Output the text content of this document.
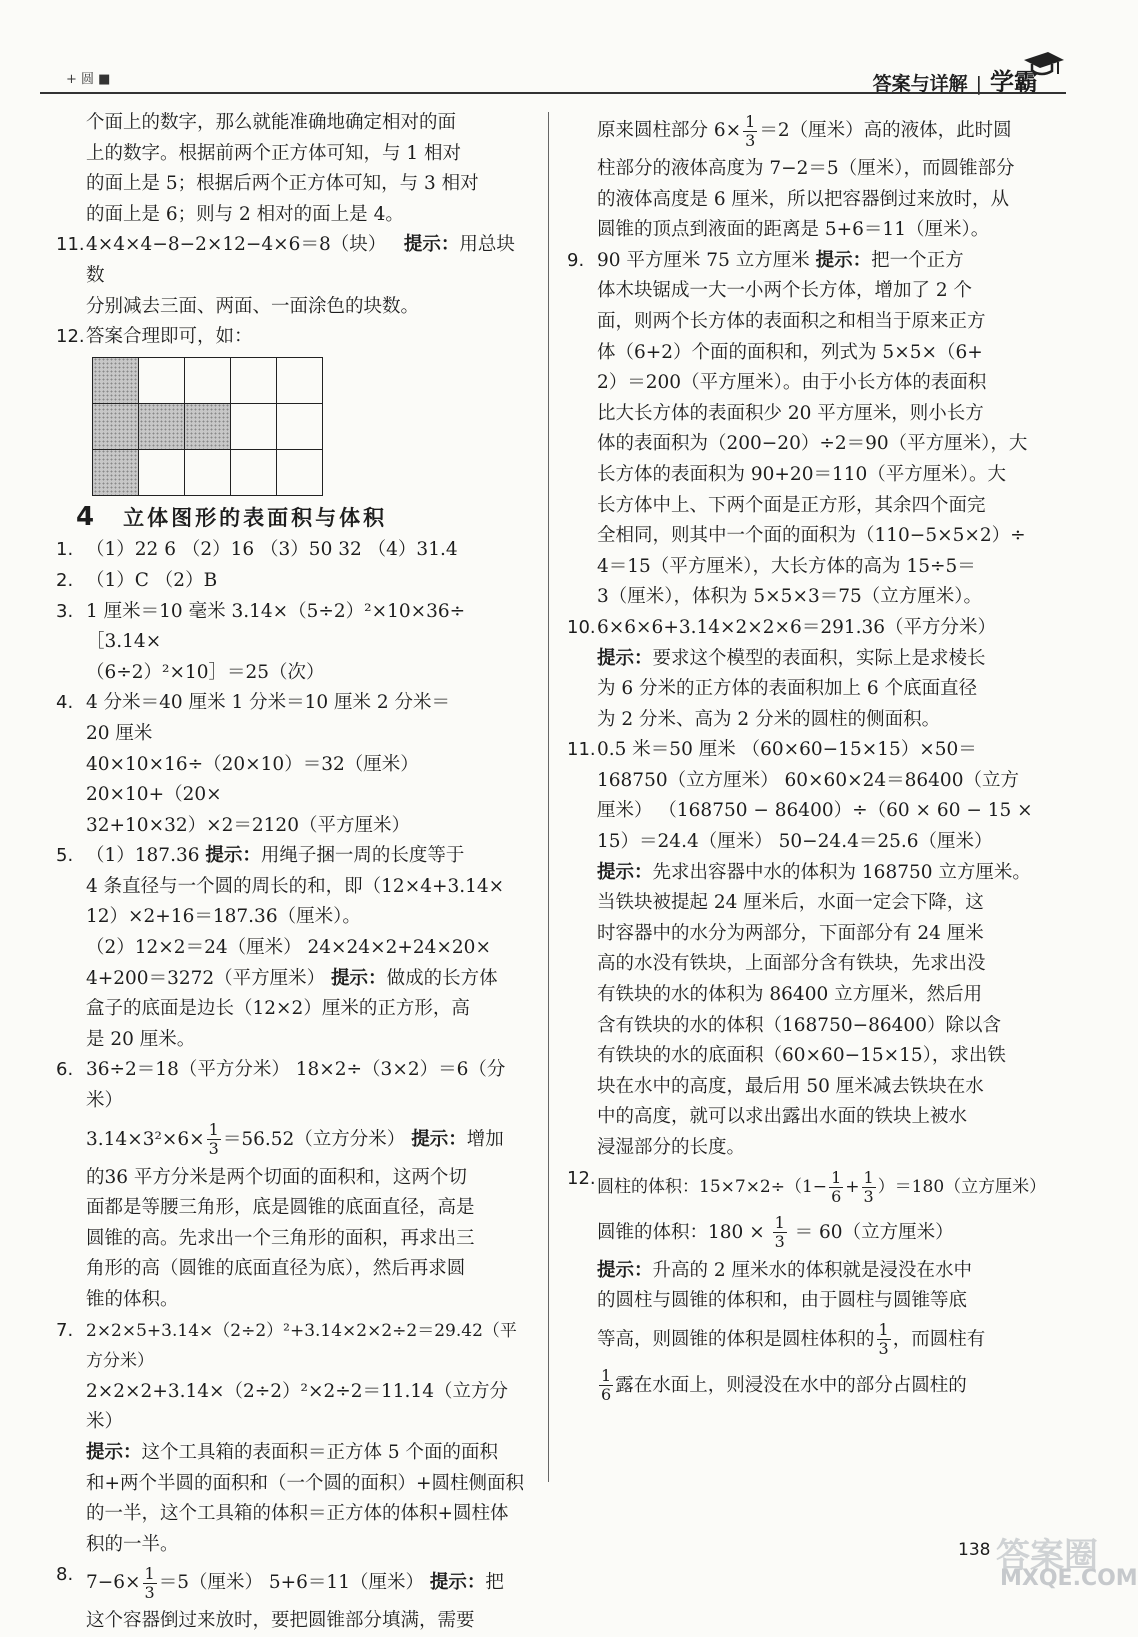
+ 圆 ■	答案与详解 | 学霸
个面上的数字，那么就能准确地确定相对的面
上的数字。根据前两个正方体可知，与 1 相对
的面上是 5；根据后两个正方体可知，与 3 相对
的面上是 6；则与 2 相对的面上是 4。
11. 4×4×4−8−2×12−4×6＝8（块） 提示：用总块数
分别减去三面、两面、一面涂色的块数。
12. 答案合理即可，如：

4 立体图形的表面积与体积
1. （1）22 6 （2）16 （3）50 32 （4）31.4
2. （1）C （2）B
3. 1 厘米＝10 毫米 3.14×（5÷2）²×10×36÷［3.14×
（6÷2）²×10］＝25（次）
4. 4 分米＝40 厘米 1 分米＝10 厘米 2 分米＝
20 厘米
40×10×16÷（20×10）＝32（厘米） 20×10+（20×
32+10×32）×2＝2120（平方厘米）
5. （1）187.36 提示：用绳子捆一周的长度等于
4 条直径与一个圆的周长的和，即（12×4+3.14×
12）×2+16＝187.36（厘米）。
（2）12×2＝24（厘米） 24×24×2+24×20×
4+200＝3272（平方厘米） 提示：做成的长方体
盒子的底面是边长（12×2）厘米的正方形，高
是 20 厘米。
6. 36÷2＝18（平方分米） 18×2÷（3×2）＝6（分米）
$3.14\times 3^2\times 6\times \frac{1}{3} =56.52$（立方分米） 提示：增加
的36 平方分米是两个切面的面积和，这两个切
面都是等腰三角形，底是圆锥的底面直径，高是
圆锥的高。先求出一个三角形的面积，再求出三
角形的高（圆锥的底面直径为底），然后再求圆
锥的体积。
7. 2×2×5+3.14×（2÷2）²+3.14×2×2÷2＝29.42（平方分米）
2×2×2+3.14×（2÷2）²×2÷2＝11.14（立方分米）
提示：这个工具箱的表面积＝正方体 5 个面的面积
和+两个半圆的面积和（一个圆的面积）+圆柱侧面积
的一半，这个工具箱的体积＝正方体的体积+圆柱体
积的一半。
8. $7-6\times \frac{1}{3} =5$（厘米） 5+6＝11（厘米） 提示：把
这个容器倒过来放时，要把圆锥部分填满，需要
原来圆柱部分 $6\times \frac{1}{3} =2$（厘米）高的液体，此时圆
柱部分的液体高度为 7−2＝5（厘米），而圆锥部分
的液体高度是 6 厘米，所以把容器倒过来放时，从
圆锥的顶点到液面的距离是 5+6＝11（厘米）。
9. 90 平方厘米 75 立方厘米 提示：把一个正方
体木块锯成一大一小两个长方体，增加了 2 个
面，则两个长方体的表面积之和相当于原来正方
体（6+2）个面的面积和，列式为 5×5×（6+
2）＝200（平方厘米）。由于小长方体的表面积
比大长方体的表面积少 20 平方厘米，则小长方
体的表面积为（200−20）÷2＝90（平方厘米），大
长方体的表面积为 90+20＝110（平方厘米）。大
长方体中上、下两个面是正方形，其余四个面完
全相同，则其中一个面的面积为（110−5×5×2）÷
4＝15（平方厘米），大长方体的高为 15÷5＝
3（厘米），体积为 5×5×3＝75（立方厘米）。
10. 6×6×6+3.14×2×2×6＝291.36（平方分米）
提示：要求这个模型的表面积，实际上是求棱长
为 6 分米的正方体的表面积加上 6 个底面直径
为 2 分米、高为 2 分米的圆柱的侧面积。
11. 0.5 米＝50 厘米 （60×60−15×15）×50＝
168750（立方厘米） 60×60×24＝86400（立方
厘米） （168750 − 86400）÷（60 × 60 − 15 ×
15）＝24.4（厘米） 50−24.4＝25.6（厘米）
提示：先求出容器中水的体积为 168750 立方厘米。
当铁块被提起 24 厘米后，水面一定会下降，这
时容器中的水分为两部分，下面部分有 24 厘米
高的水没有铁块，上面部分含有铁块，先求出没
有铁块的水的体积为 86400 立方厘米，然后用
含有铁块的水的体积（168750−86400）除以含
有铁块的水的底面积（60×60−15×15），求出铁
块在水中的高度，最后用 50 厘米减去铁块在水
中的高度，就可以求出露出水面的铁块上被水
浸湿部分的长度。
12. 圆柱的体积：$15\times 7\times 2\div(1- \frac{1}{6} + \frac{1}{3} )=180$（立方厘米）
圆锥的体积：$180 \times \frac{1}{3} = 60$（立方厘米）
提示：升高的 2 厘米水的体积就是浸没在水中
的圆柱与圆锥的体积和，由于圆柱与圆锥等底
等高，则圆锥的体积是圆柱体积的 $\frac{1}{3}$ ，而圆柱有
$\frac{1}{6}$ 露在水面上，则浸没在水中的部分占圆柱的
138 答案圈
MXQE.COM
